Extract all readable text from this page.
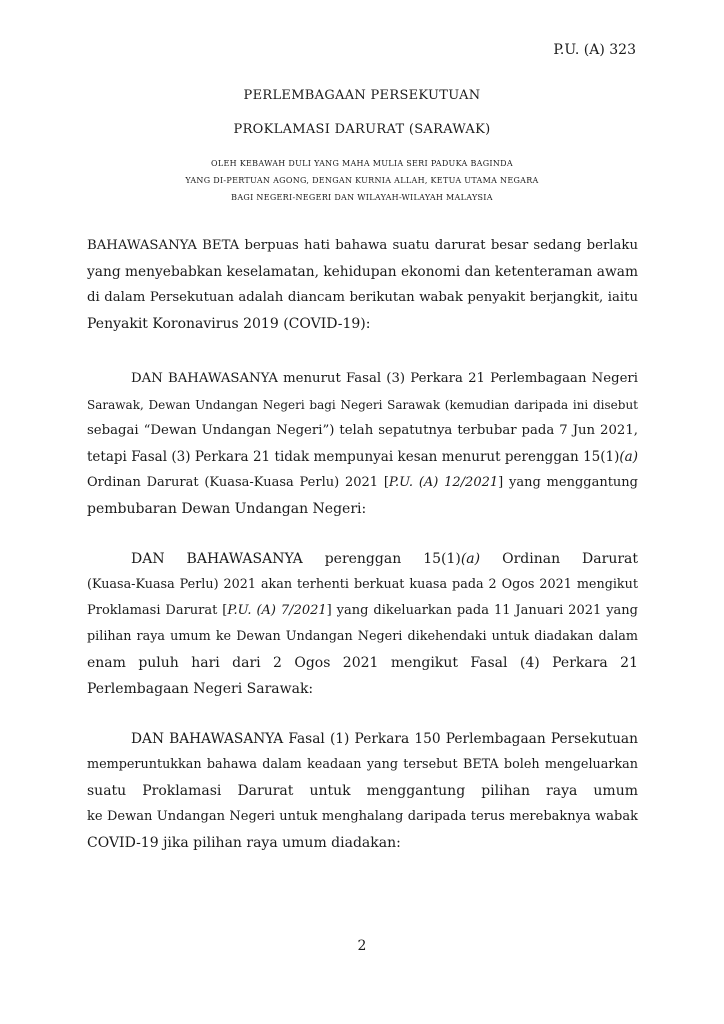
P.U. (A) 323
PERLEMBAGAAN PERSEKUTUAN
PROKLAMASI DARURAT (SARAWAK)
OLEH KEBAWAH DULI YANG MAHA MULIA SERI PADUKA BAGINDA
YANG DI-PERTUAN AGONG, DENGAN KURNIA ALLAH, KETUA UTAMA NEGARA
BAGI NEGERI-NEGERI DAN WILAYAH-WILAYAH MALAYSIA
BAHAWASANYA BETA berpuas hati bahawa suatu darurat besar sedang berlaku
yang menyebabkan keselamatan, kehidupan ekonomi dan ketenteraman awam
di dalam Persekutuan adalah diancam berikutan wabak penyakit berjangkit, iaitu
Penyakit Koronavirus 2019 (COVID-19):
DAN BAHAWASANYA menurut Fasal (3) Perkara 21 Perlembagaan Negeri
Sarawak, Dewan Undangan Negeri bagi Negeri Sarawak (kemudian daripada ini disebut
sebagai “Dewan Undangan Negeri”) telah sepatutnya terbubar pada 7 Jun 2021,
tetapi Fasal (3) Perkara 21 tidak mempunyai kesan menurut perenggan 15(1)(a)
Ordinan Darurat (Kuasa-Kuasa Perlu) 2021 [P.U. (A) 12/2021] yang menggantung
pembubaran Dewan Undangan Negeri:
DAN BAHAWASANYA perenggan 15(1)(a) Ordinan Darurat
(Kuasa-Kuasa Perlu) 2021 akan terhenti berkuat kuasa pada 2 Ogos 2021 mengikut
Proklamasi Darurat [P.U. (A) 7/2021] yang dikeluarkan pada 11 Januari 2021 yang
pilihan raya umum ke Dewan Undangan Negeri dikehendaki untuk diadakan dalam
enam puluh hari dari 2 Ogos 2021 mengikut Fasal (4) Perkara 21
Perlembagaan Negeri Sarawak:
DAN BAHAWASANYA Fasal (1) Perkara 150 Perlembagaan Persekutuan
memperuntukkan bahawa dalam keadaan yang tersebut BETA boleh mengeluarkan
suatu Proklamasi Darurat untuk menggantung pilihan raya umum
ke Dewan Undangan Negeri untuk menghalang daripada terus merebaknya wabak
COVID-19 jika pilihan raya umum diadakan:
2
